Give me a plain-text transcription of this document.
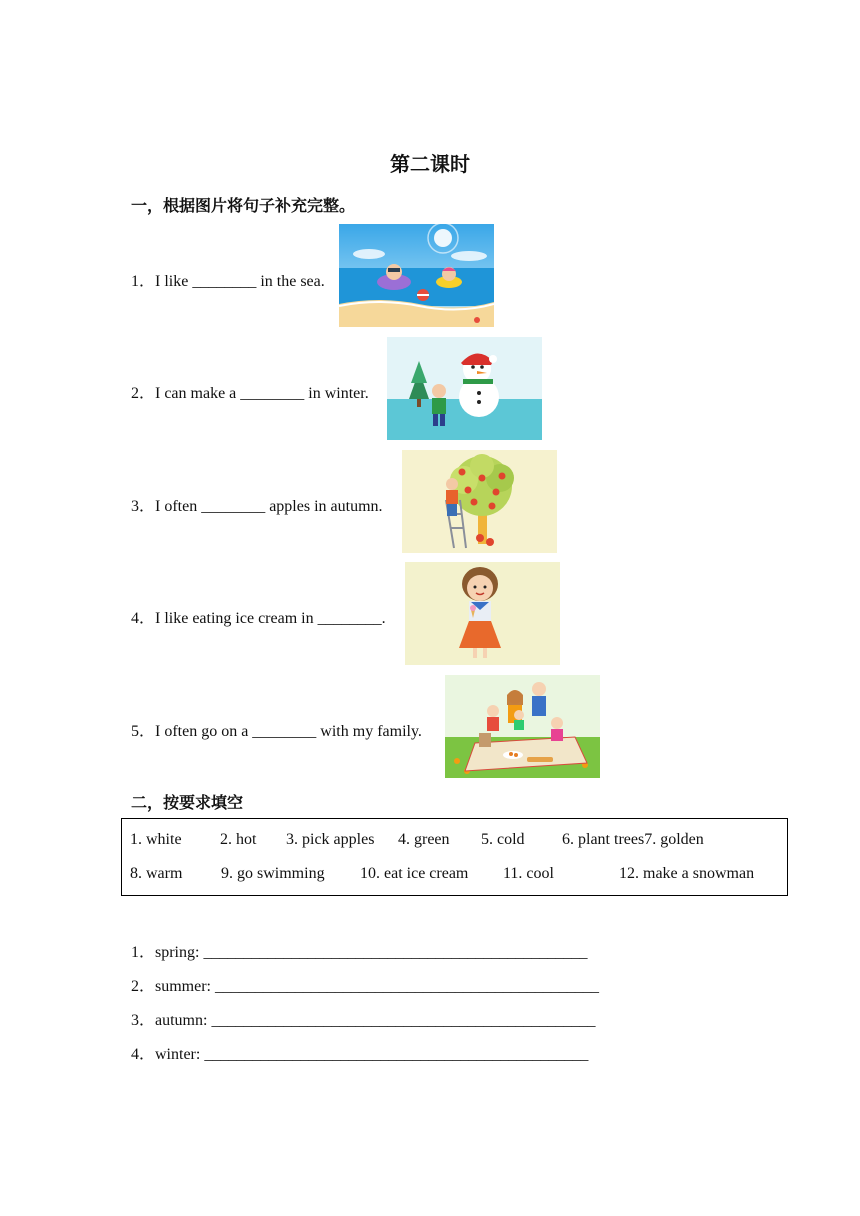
第二课时
一，根据图片将句子补充完整。
1．I like ________ in the sea.
2．I can make a ________ in winter.
3．I often ________ apples in autumn.
4．I like eating ice cream in ________.
5．I often go on a ________ with my family.
二，按要求填空
1. white 2. hot 3. pick apples 4. green 5. cold 6. plant trees7. golden
8. warm 9. go swimming 10. eat ice cream 11. cool	12. make a snowman
1．spring: ________________________________________________
2．summer: ________________________________________________
3．autumn: ________________________________________________
4．winter: ________________________________________________
